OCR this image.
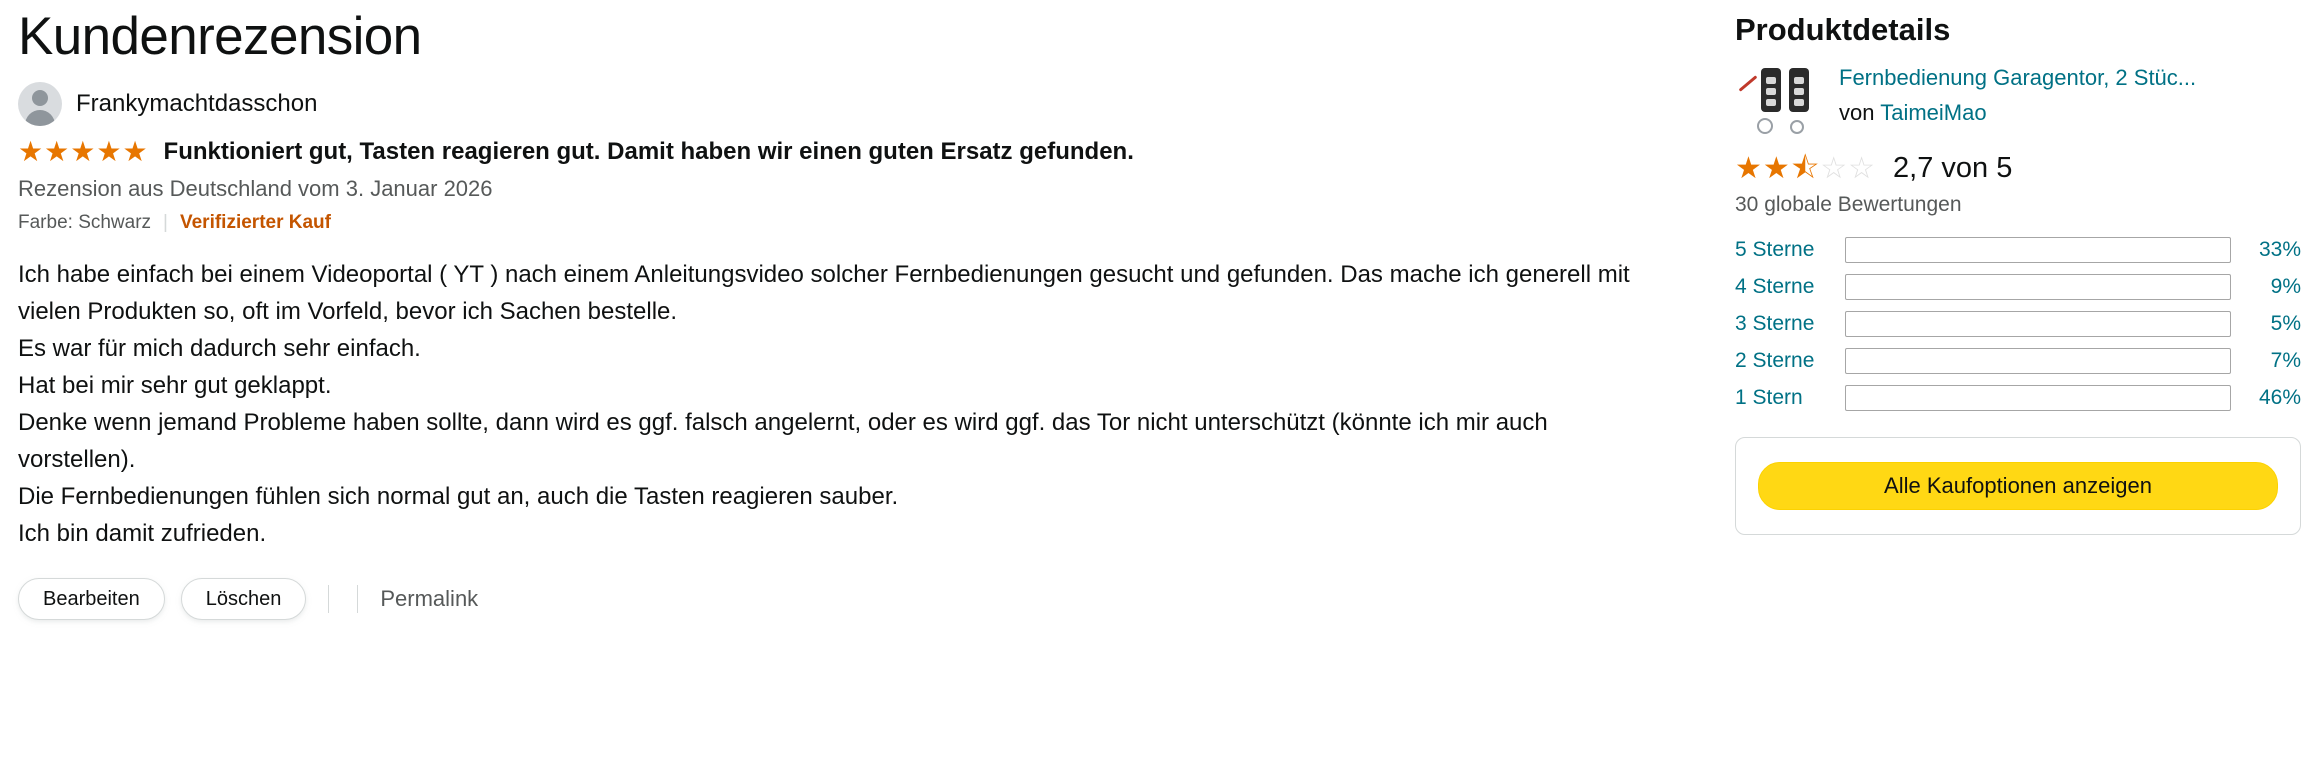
Kundenrezension
Frankymachtdasschon
★ ★ ★ ★ ★ Funktioniert gut, Tasten reagieren gut. Damit haben wir einen guten Ersatz gefunden.
Rezension aus Deutschland vom 3. Januar 2026
Farbe: Schwarz | Verifizierter Kauf

Ich habe einfach bei einem Videoportal ( YT ) nach einem Anleitungsvideo solcher Fernbedienungen gesucht und gefunden. Das mache ich generell mit vielen Produkten so, oft im Vorfeld, bevor ich Sachen bestelle.

Es war für mich dadurch sehr einfach.

Hat bei mir sehr gut geklappt.

Denke wenn jemand Probleme haben sollte, dann wird es ggf. falsch angelernt, oder es wird ggf. das Tor nicht unterschützt (könnte ich mir auch vorstellen).

Die Fernbedienungen fühlen sich normal gut an, auch die Tasten reagieren sauber.

Ich bin damit zufrieden.

Bearbeiten	Löschen	Permalink
Produktdetails
Fernbedienung Garagentor, 2 Stüc...
von TaimeiMao
★ ★ ⯪ ☆ ☆ 2,7 von 5
30 globale Bewertungen
5 Sterne	33%
4 Sterne	9%
3 Sterne	5%
2 Sterne	7%
1 Stern	46%
Alle Kaufoptionen anzeigen
